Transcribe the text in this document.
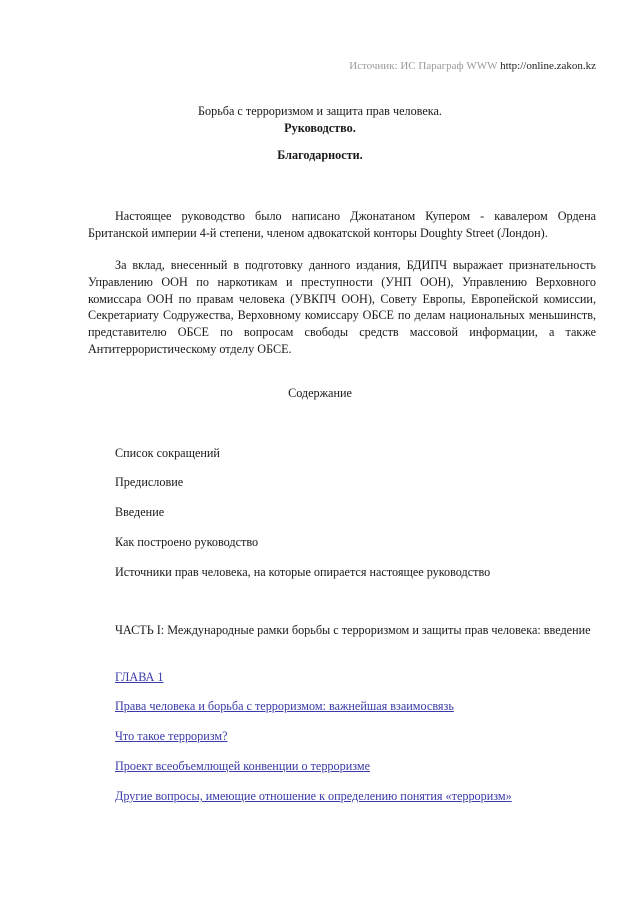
Источник: ИС Параграф WWW http://online.zakon.kz
Борьба с терроризмом и защита прав человека.
Руководство.
Благодарности.
Настоящее руководство было написано Джонатаном Купером - кавалером Ордена Британской империи 4-й степени, членом адвокатской конторы Doughty Street (Лондон).
За вклад, внесенный в подготовку данного издания, БДИПЧ выражает признательность Управлению ООН по наркотикам и преступности (УНП ООН), Управлению Верховного комиссара ООН по правам человека (УВКПЧ ООН), Совету Европы, Европейской комиссии, Секретариату Содружества, Верховному комиссару ОБСЕ по делам национальных меньшинств, представителю ОБСЕ по вопросам свободы средств массовой информации, а также Антитеррористическому отделу ОБСЕ.
Содержание
Список сокращений
Предисловие
Введение
Как построено руководство
Источники прав человека, на которые опирается настоящее руководство
ЧАСТЬ I: Международные рамки борьбы с терроризмом и защиты прав человека: введение
ГЛАВА 1
Права человека и борьба с терроризмом: важнейшая взаимосвязь
Что такое терроризм?
Проект всеобъемлющей конвенции о терроризме
Другие вопросы, имеющие отношение к определению понятия «терроризм»
